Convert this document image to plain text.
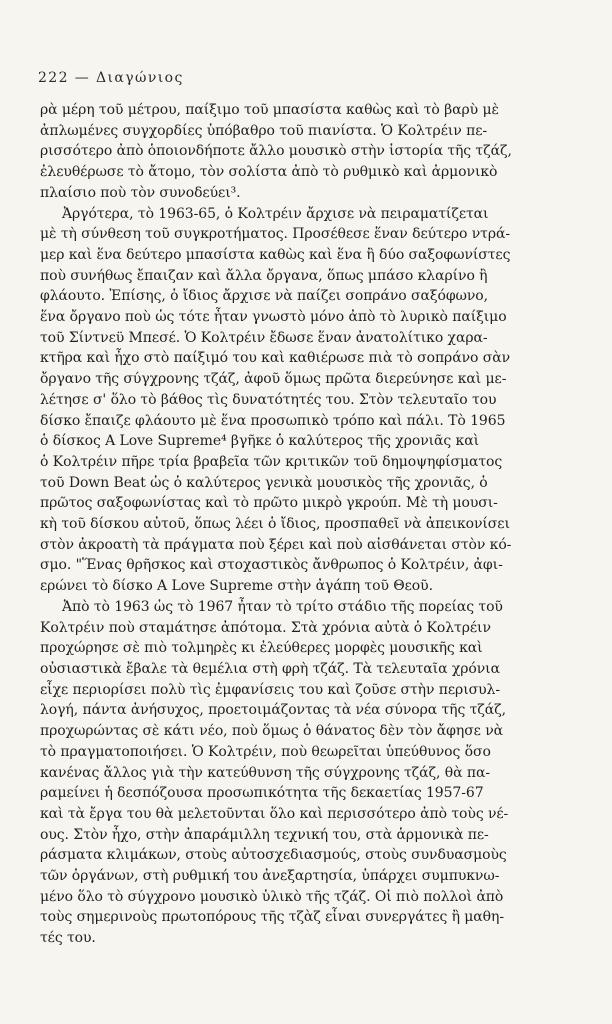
222 — Διαγώνιος
ρὰ μέρη τοῦ μέτρου, παίξιμο τοῦ μπασίστα καθὼς καὶ τὸ βαρὺ μὲ
ἀπλωμένες συγχορδίες ὑπόβαθρο τοῦ πιανίστα. Ὁ Κολτρέιν πε-
ρισσότερο ἀπὸ ὁποιονδήποτε ἄλλο μουσικὸ στὴν ἱστορία τῆς τζάζ,
ἐλευθέρωσε τὸ ἄτομο, τὸν σολίστα ἀπὸ τὸ ρυθμικὸ καὶ ἁρμονικὸ
πλαίσιο ποὺ τὸν συνοδεύει³.
Ἀργότερα, τὸ 1963-65, ὁ Κολτρέιν ἄρχισε νὰ πειραματίζεται
μὲ τὴ σύνθεση τοῦ συγκροτήματος. Προσέθεσε ἕναν δεύτερο ντρά-
μερ καὶ ἕνα δεύτερο μπασίστα καθὼς καὶ ἕνα ἢ δύο σαξοφωνίστες
ποὺ συνήθως ἔπαιζαν καὶ ἄλλα ὄργανα, ὅπως μπάσο κλαρίνο ἢ
φλάουτο. Ἐπίσης, ὁ ἴδιος ἄρχισε νὰ παίζει σοπράνο σαξόφωνο,
ἕνα ὄργανο ποὺ ὡς τότε ἦταν γνωστὸ μόνο ἀπὸ τὸ λυρικὸ παίξιμο
τοῦ Σίντνεϋ Μπεσέ. Ὁ Κολτρέιν ἔδωσε ἕναν ἀνατολίτικο χαρα-
κτῆρα καὶ ἦχο στὸ παίξιμό του καὶ καθιέρωσε πιὰ τὸ σοπράνο σὰν
ὄργανο τῆς σύγχρονης τζάζ, ἀφοῦ ὅμως πρῶτα διερεύνησε καὶ με-
λέτησε σ' ὅλο τὸ βάθος τὶς δυνατότητές του. Στὸν τελευταῖο του
δίσκο ἔπαιζε φλάουτο μὲ ἕνα προσωπικὸ τρόπο καὶ πάλι. Τὸ 1965
ὁ δίσκος A Love Supreme⁴ βγῆκε ὁ καλύτερος τῆς χρονιᾶς καὶ
ὁ Κολτρέιν πῆρε τρία βραβεῖα τῶν κριτικῶν τοῦ δημοψηφίσματος
τοῦ Down Beat ὡς ὁ καλύτερος γενικὰ μουσικὸς τῆς χρονιᾶς, ὁ
πρῶτος σαξοφωνίστας καὶ τὸ πρῶτο μικρὸ γκρούπ. Μὲ τὴ μουσι-
κὴ τοῦ δίσκου αὐτοῦ, ὅπως λέει ὁ ἴδιος, προσπαθεῖ νὰ ἀπεικονίσει
στὸν ἀκροατὴ τὰ πράγματα ποὺ ξέρει καὶ ποὺ αἰσθάνεται στὸν κό-
σμο. "Ἕνας θρῆσκος καὶ στοχαστικὸς ἄνθρωπος ὁ Κολτρέιν, ἀφι-
ερώνει τὸ δίσκο A Love Supreme στὴν ἀγάπη τοῦ Θεοῦ.
Ἀπὸ τὸ 1963 ὡς τὸ 1967 ἦταν τὸ τρίτο στάδιο τῆς πορείας τοῦ
Κολτρέιν ποὺ σταμάτησε ἀπότομα. Στὰ χρόνια αὐτὰ ὁ Κολτρέιν
προχώρησε σὲ πιὸ τολμηρὲς κι ἐλεύθερες μορφὲς μουσικῆς καὶ
οὐσιαστικὰ ἔβαλε τὰ θεμέλια στὴ φρὴ τζάζ. Τὰ τελευταῖα χρόνια
εἶχε περιορίσει πολὺ τὶς ἐμφανίσεις του καὶ ζοῦσε στὴν περισυλ-
λογή, πάντα ἀνήσυχος, προετοιμάζοντας τὰ νέα σύνορα τῆς τζάζ,
προχωρώντας σὲ κάτι νέο, ποὺ ὅμως ὁ θάνατος δὲν τὸν ἄφησε νὰ
τὸ πραγματοποιήσει. Ὁ Κολτρέιν, ποὺ θεωρεῖται ὑπεύθυνος ὅσο
κανένας ἄλλος γιὰ τὴν κατεύθυνση τῆς σύγχρονης τζάζ, θὰ πα-
ραμείνει ἡ δεσπόζουσα προσωπικότητα τῆς δεκαετίας 1957-67
καὶ τὰ ἔργα του θὰ μελετοῦνται ὅλο καὶ περισσότερο ἀπὸ τοὺς νέ-
ους. Στὸν ἦχο, στὴν ἀπαράμιλλη τεχνική του, στὰ ἁρμονικὰ πε-
ράσματα κλιμάκων, στοὺς αὐτοσχεδιασμούς, στοὺς συνδυασμοὺς
τῶν ὀργάνων, στὴ ρυθμική του ἀνεξαρτησία, ὑπάρχει συμπυκνω-
μένο ὅλο τὸ σύγχρονο μουσικὸ ὑλικὸ τῆς τζάζ. Οἱ πιὸ πολλοὶ ἀπὸ
τοὺς σημερινοὺς πρωτοπόρους τῆς τζὰζ εἶναι συνεργάτες ἢ μαθη-
τές του.
